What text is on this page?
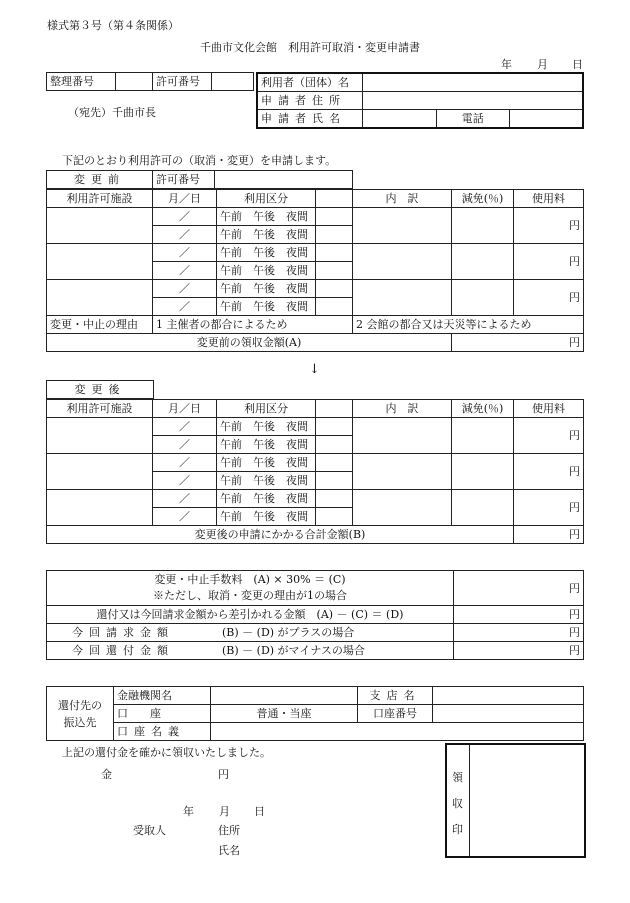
様式第３号（第４条関係）
千曲市文化会館　利用許可取消・変更申請書
年 月 日
整理番号		許可番号	
（宛先）千曲市長
利用者（団体）名			
申請者住所			
申請者氏名		電話	
下記のとおり利用許可の（取消・変更）を申請します。
変更前	許可番号	
利用許可施設	月／日	利用区分		内　訳	減免(％)	使用料
	／	午前　午後　夜間				円
	／	午前　午後　夜間				
	／	午前　午後　夜間				円
	／	午前　午後　夜間				
	／	午前　午後　夜間				円
	／	午前　午後　夜間				
変更・中止の理由	1 主催者の都合によるため			2 会館の都合又は天災等によるため		
変更前の領収金額(A)					円	
↓
変更後
利用許可施設	月／日	利用区分		内　訳	減免(％)	使用料
	／	午前　午後　夜間				円
	／	午前　午後　夜間				
	／	午前　午後　夜間				円
	／	午前　午後　夜間				
	／	午前　午後　夜間				円
	／	午前　午後　夜間				
変更後の申請にかかる合計金額(B)						円
変更・中止手数料　(A) × 30% ＝ (C)
※ただし、取消・変更の理由が1の場合	円
還付又は今回請求金額から差引かれる金額　(A) － (C) ＝ (D)	円
今回請求金額 (B) － (D) がプラスの場合	円
今回還付金額 (B) － (D) がマイナスの場合	円
還付先の
振込先	金融機関名		支店名	
	口　　座	普通・当座	口座番号	
	口座名義			
上記の還付金を確かに領収いたしました。
金	円
年 月 日
受取人	住所
氏名
領
収
印
